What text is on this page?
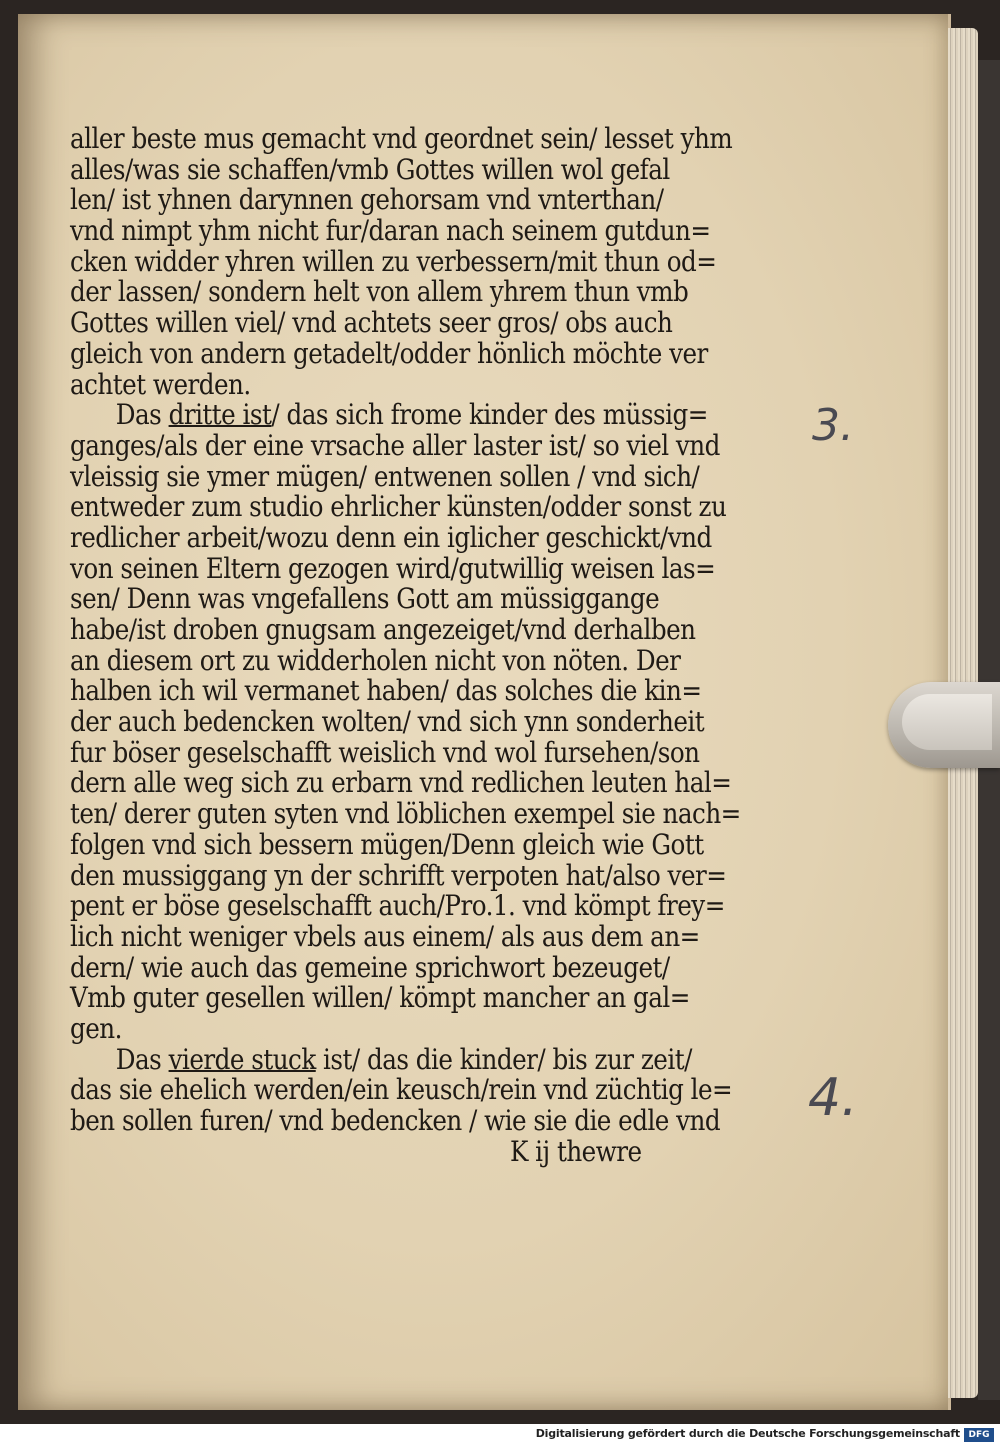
aller beste mus gemacht vnd geordnet sein/ lesset yhm
alles/was sie schaffen/vmb Gottes willen wol gefal
len/ ist yhnen darynnen gehorsam vnd vnterthan/
vnd nimpt yhm nicht fur/daran nach seinem gutdun=
cken widder yhren willen zu verbessern/mit thun od=
der lassen/ sondern helt von allem yhrem thun vmb
Gottes willen viel/ vnd achtets seer gros/ obs auch
gleich von andern getadelt/odder hönlich möchte ver
achtet werden.
Das dritte ist/ das sich frome kinder des müssig=
ganges/als der eine vrsache aller laster ist/ so viel vnd
vleissig sie ymer mügen/ entwenen sollen / vnd sich/
entweder zum studio ehrlicher künsten/odder sonst zu
redlicher arbeit/wozu denn ein iglicher geschickt/vnd
von seinen Eltern gezogen wird/gutwillig weisen las=
sen/ Denn was vngefallens Gott am müssiggange
habe/ist droben gnugsam angezeiget/vnd derhalben
an diesem ort zu widderholen nicht von nöten. Der
halben ich wil vermanet haben/ das solches die kin=
der auch bedencken wolten/ vnd sich ynn sonderheit
fur böser geselschafft weislich vnd wol fursehen/son
dern alle weg sich zu erbarn vnd redlichen leuten hal=
ten/ derer guten syten vnd löblichen exempel sie nach=
folgen vnd sich bessern mügen/Denn gleich wie Gott
den mussiggang yn der schrifft verpoten hat/also ver=
pent er böse geselschafft auch/Pro.1. vnd kömpt frey=
lich nicht weniger vbels aus einem/ als aus dem an=
dern/ wie auch das gemeine sprichwort bezeuget/
Vmb guter gesellen willen/ kömpt mancher an gal=
gen.
Das vierde stuck ist/ das die kinder/ bis zur zeit/
das sie ehelich werden/ein keusch/rein vnd züchtig le=
ben sollen furen/ vnd bedencken / wie sie die edle vnd
K ij thewre
3.
4.
Digitalisierung gefördert durch die Deutsche Forschungsgemeinschaft DFG
